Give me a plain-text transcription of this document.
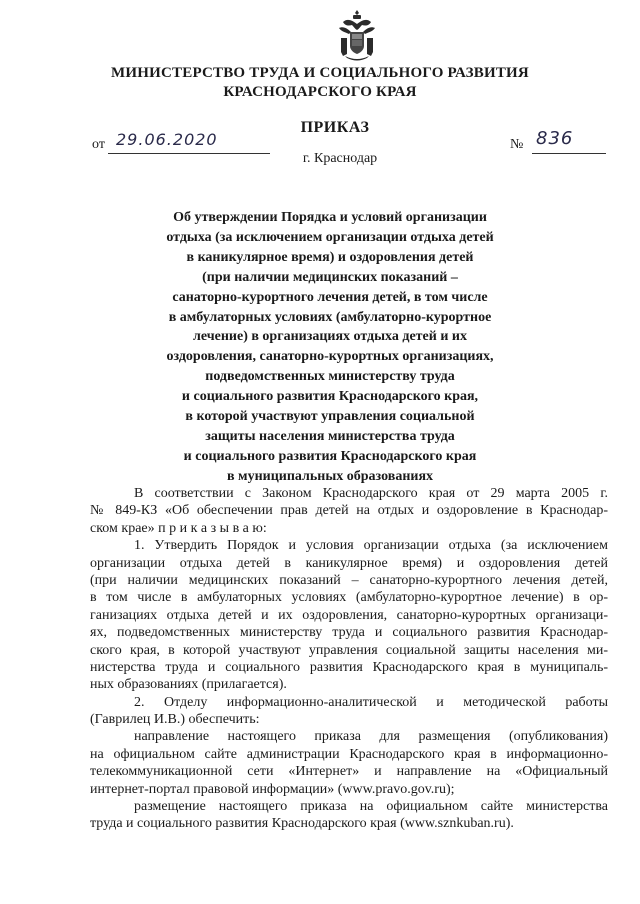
МИНИСТЕРСТВО ТРУДА И СОЦИАЛЬНОГО РАЗВИТИЯ
КРАСНОДАРСКОГО КРАЯ
ПРИКАЗ
от 29.06.2020	№ 836
г. Краснодар
Об утверждении Порядка и условий организации
отдыха (за исключением организации отдыха детей
в каникулярное время) и оздоровления детей
(при наличии медицинских показаний –
санаторно-курортного лечения детей, в том числе
в амбулаторных условиях (амбулаторно-курортное
лечение) в организациях отдыха детей и их
оздоровления, санаторно-курортных организациях,
подведомственных министерству труда
и социального развития Краснодарского края,
в которой участвуют управления социальной
защиты населения министерства труда
и социального развития Краснодарского края
в муниципальных образованиях
В соответствии с Законом Краснодарского края от 29 марта 2005 г.
№ 849-КЗ «Об обеспечении прав детей на отдых и оздоровление в Краснодар-
ском крае» п р и к а з ы в а ю:
1. Утвердить Порядок и условия организации отдыха (за исключением
организации отдыха детей в каникулярное время) и оздоровления детей
(при наличии медицинских показаний – санаторно-курортного лечения детей,
в том числе в амбулаторных условиях (амбулаторно-курортное лечение) в ор-
ганизациях отдыха детей и их оздоровления, санаторно-курортных организаци-
ях, подведомственных министерству труда и социального развития Краснодар-
ского края, в которой участвуют управления социальной защиты населения ми-
нистерства труда и социального развития Краснодарского края в муниципаль-
ных образованиях (прилагается).
2. Отделу информационно-аналитической и методической работы
(Гаврилец И.В.) обеспечить:
направление настоящего приказа для размещения (опубликования)
на официальном сайте администрации Краснодарского края в информационно-
телекоммуникационной сети «Интернет» и направление на «Официальный
интернет-портал правовой информации» (www.pravo.gov.ru);
размещение настоящего приказа на официальном сайте министерства
труда и социального развития Краснодарского края (www.sznkuban.ru).
